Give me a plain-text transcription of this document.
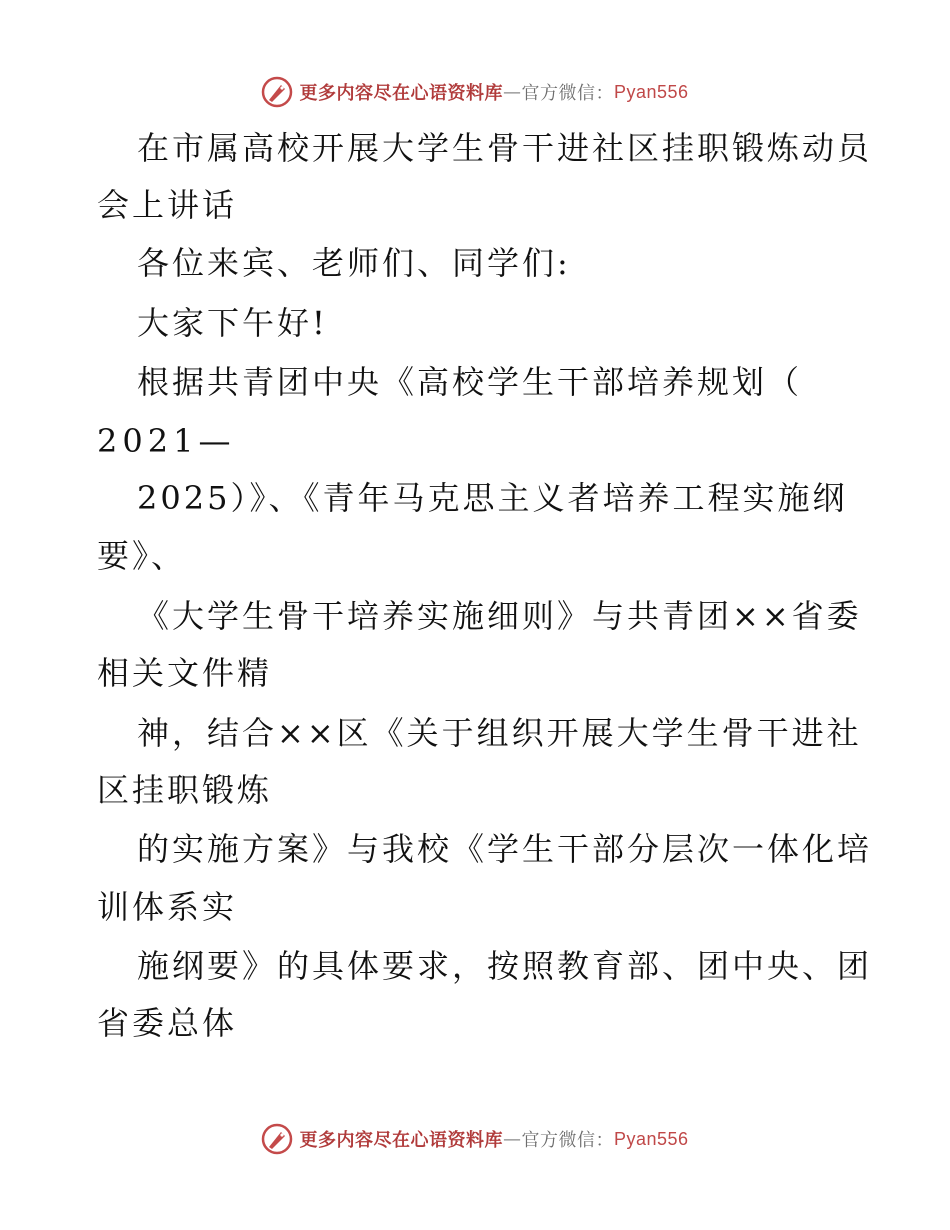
更多内容尽在心语资料库 — 官方微信： Pyan556
在市属高校开展大学生骨干进社区挂职锻炼动员
会上讲话
各位来宾、老师们、同学们:
大家下午好!
根据共青团中央《高校学生干部培养规划（
2021—
2025）》、《青年马克思主义者培养工程实施纲
要》、
《大学生骨干培养实施细则》与共青团××省委
相关文件精
神，结合××区《关于组织开展大学生骨干进社
区挂职锻炼
的实施方案》与我校《学生干部分层次一体化培
训体系实
施纲要》的具体要求，按照教育部、团中央、团
省委总体
更多内容尽在心语资料库 — 官方微信： Pyan556
